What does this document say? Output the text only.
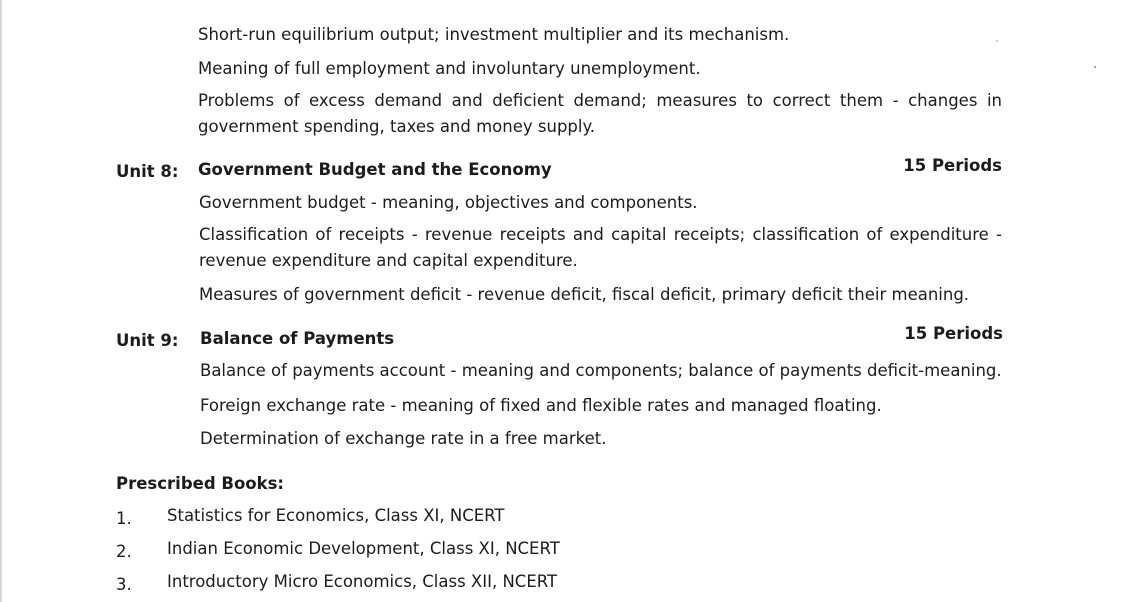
Short-run equilibrium output; investment multiplier and its mechanism.
Meaning of full employment and involuntary unemployment.
Problems of excess demand and deficient demand; measures to correct them - changes in
government spending, taxes and money supply.
Unit 8: Government Budget and the Economy	15 Periods
Government budget - meaning, objectives and components.
Classification of receipts - revenue receipts and capital receipts; classification of expenditure -
revenue expenditure and capital expenditure.
Measures of government deficit - revenue deficit, fiscal deficit, primary deficit their meaning.
Unit 9: Balance of Payments	15 Periods
Balance of payments account - meaning and components; balance of payments deficit-meaning.
Foreign exchange rate - meaning of fixed and flexible rates and managed floating.
Determination of exchange rate in a free market.
Prescribed Books:
1. Statistics for Economics, Class XI, NCERT
2. Indian Economic Development, Class XI, NCERT
3. Introductory Micro Economics, Class XII, NCERT
